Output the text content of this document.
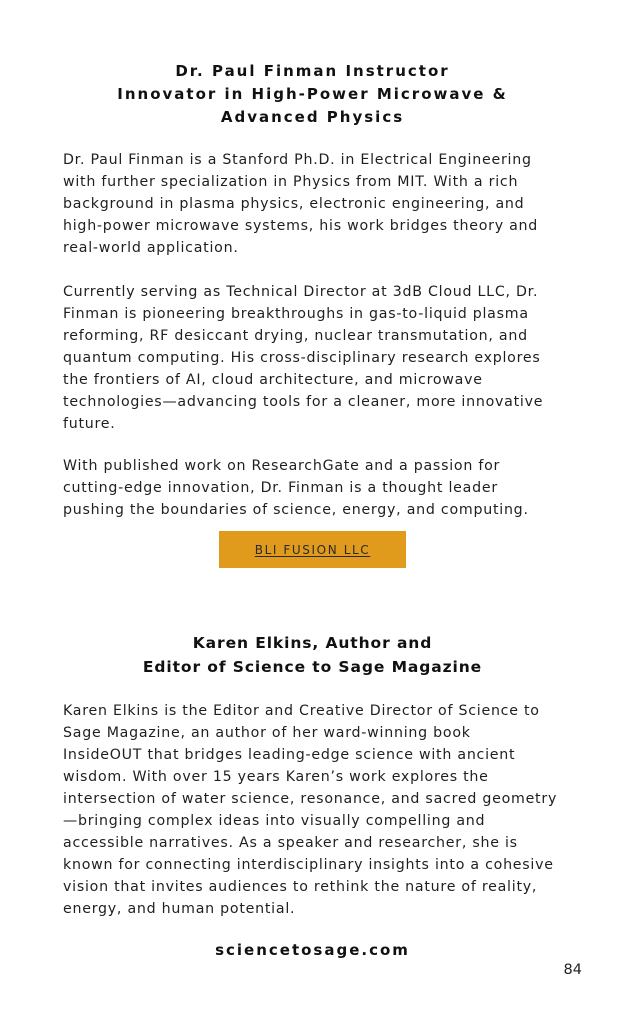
Dr. Paul Finman Instructor
Innovator in High-Power Microwave &
Advanced Physics

Dr. Paul Finman is a Stanford Ph.D. in Electrical Engineering
with further specialization in Physics from MIT. With a rich
background in plasma physics, electronic engineering, and
high-power microwave systems, his work bridges theory and
real-world application.

Currently serving as Technical Director at 3dB Cloud LLC, Dr.
Finman is pioneering breakthroughs in gas-to-liquid plasma
reforming, RF desiccant drying, nuclear transmutation, and
quantum computing. His cross-disciplinary research explores
the frontiers of AI, cloud architecture, and microwave
technologies—advancing tools for a cleaner, more innovative
future.

With published work on ResearchGate and a passion for
cutting-edge innovation, Dr. Finman is a thought leader
pushing the boundaries of science, energy, and computing.

BLI FUSION LLC
Karen Elkins, Author and
Editor of Science to Sage Magazine

Karen Elkins is the Editor and Creative Director of Science to
Sage Magazine, an author of her ward-winning book
InsideOUT that bridges leading-edge science with ancient
wisdom. With over 15 years Karen’s work explores the
intersection of water science, resonance, and sacred geometry
—bringing complex ideas into visually compelling and
accessible narratives. As a speaker and researcher, she is
known for connecting interdisciplinary insights into a cohesive
vision that invites audiences to rethink the nature of reality,
energy, and human potential.

sciencetosage.com
84
